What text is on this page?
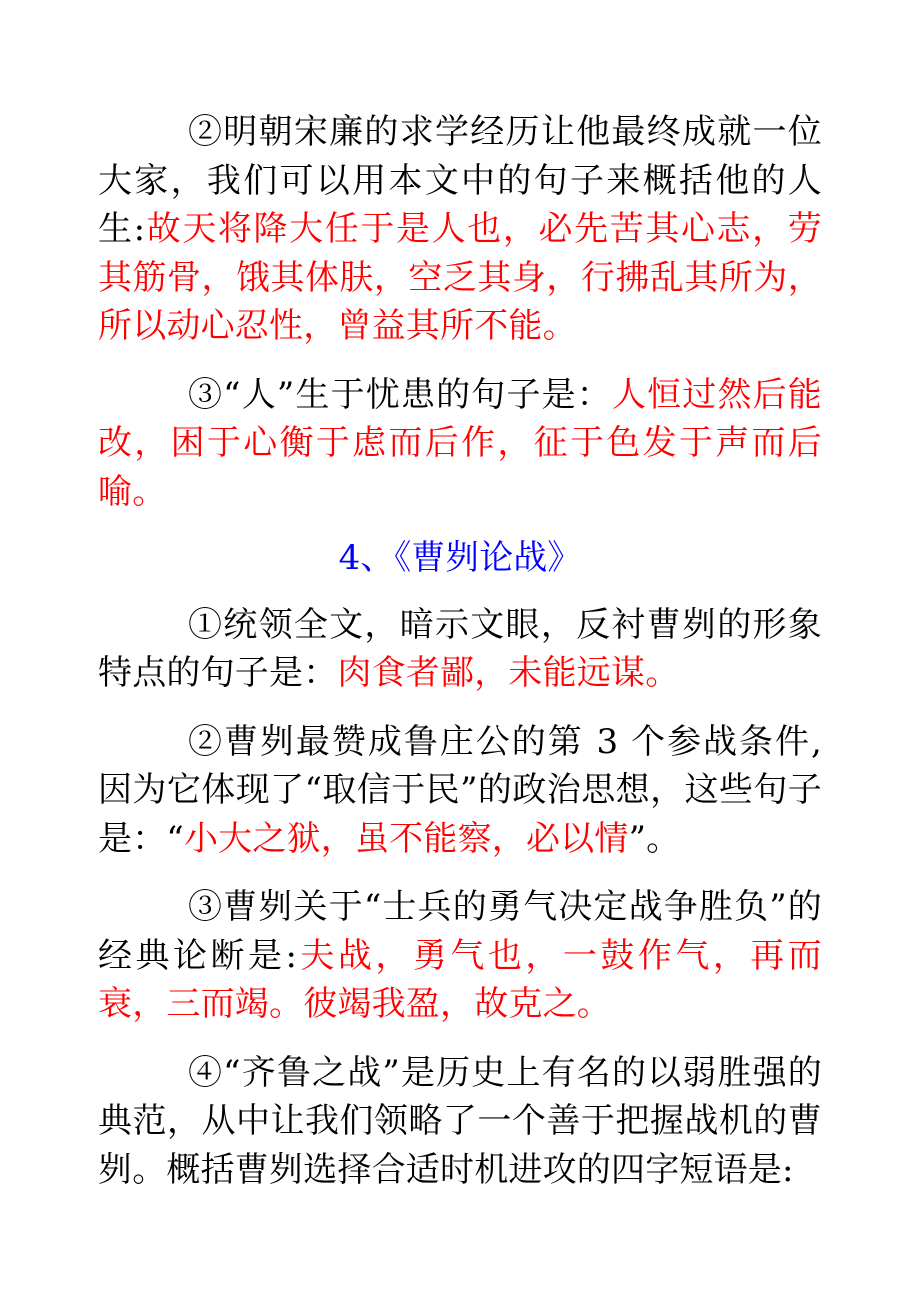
②明朝宋廉的求学经历让他最终成就一位大家，我们可以用本文中的句子来概括他的人生:故天将降大任于是人也，必先苦其心志，劳其筋骨，饿其体肤，空乏其身，行拂乱其所为，所以动心忍性，曾益其所不能。

③“人”生于忧患的句子是：人恒过然后能改，困于心衡于虑而后作，征于色发于声而后喻。

4、《曹刿论战》

①统领全文，暗示文眼，反衬曹刿的形象特点的句子是：肉食者鄙，未能远谋。

②曹刿最赞成鲁庄公的第 3 个参战条件,因为它体现了“取信于民”的政治思想，这些句子是：“小大之狱，虽不能察，必以情”。

③曹刿关于“士兵的勇气决定战争胜负”的经典论断是:夫战，勇气也，一鼓作气，再而衰，三而竭。彼竭我盈，故克之。

④“齐鲁之战”是历史上有名的以弱胜强的典范，从中让我们领略了一个善于把握战机的曹刿。概括曹刿选择合适时机进攻的四字短语是:
